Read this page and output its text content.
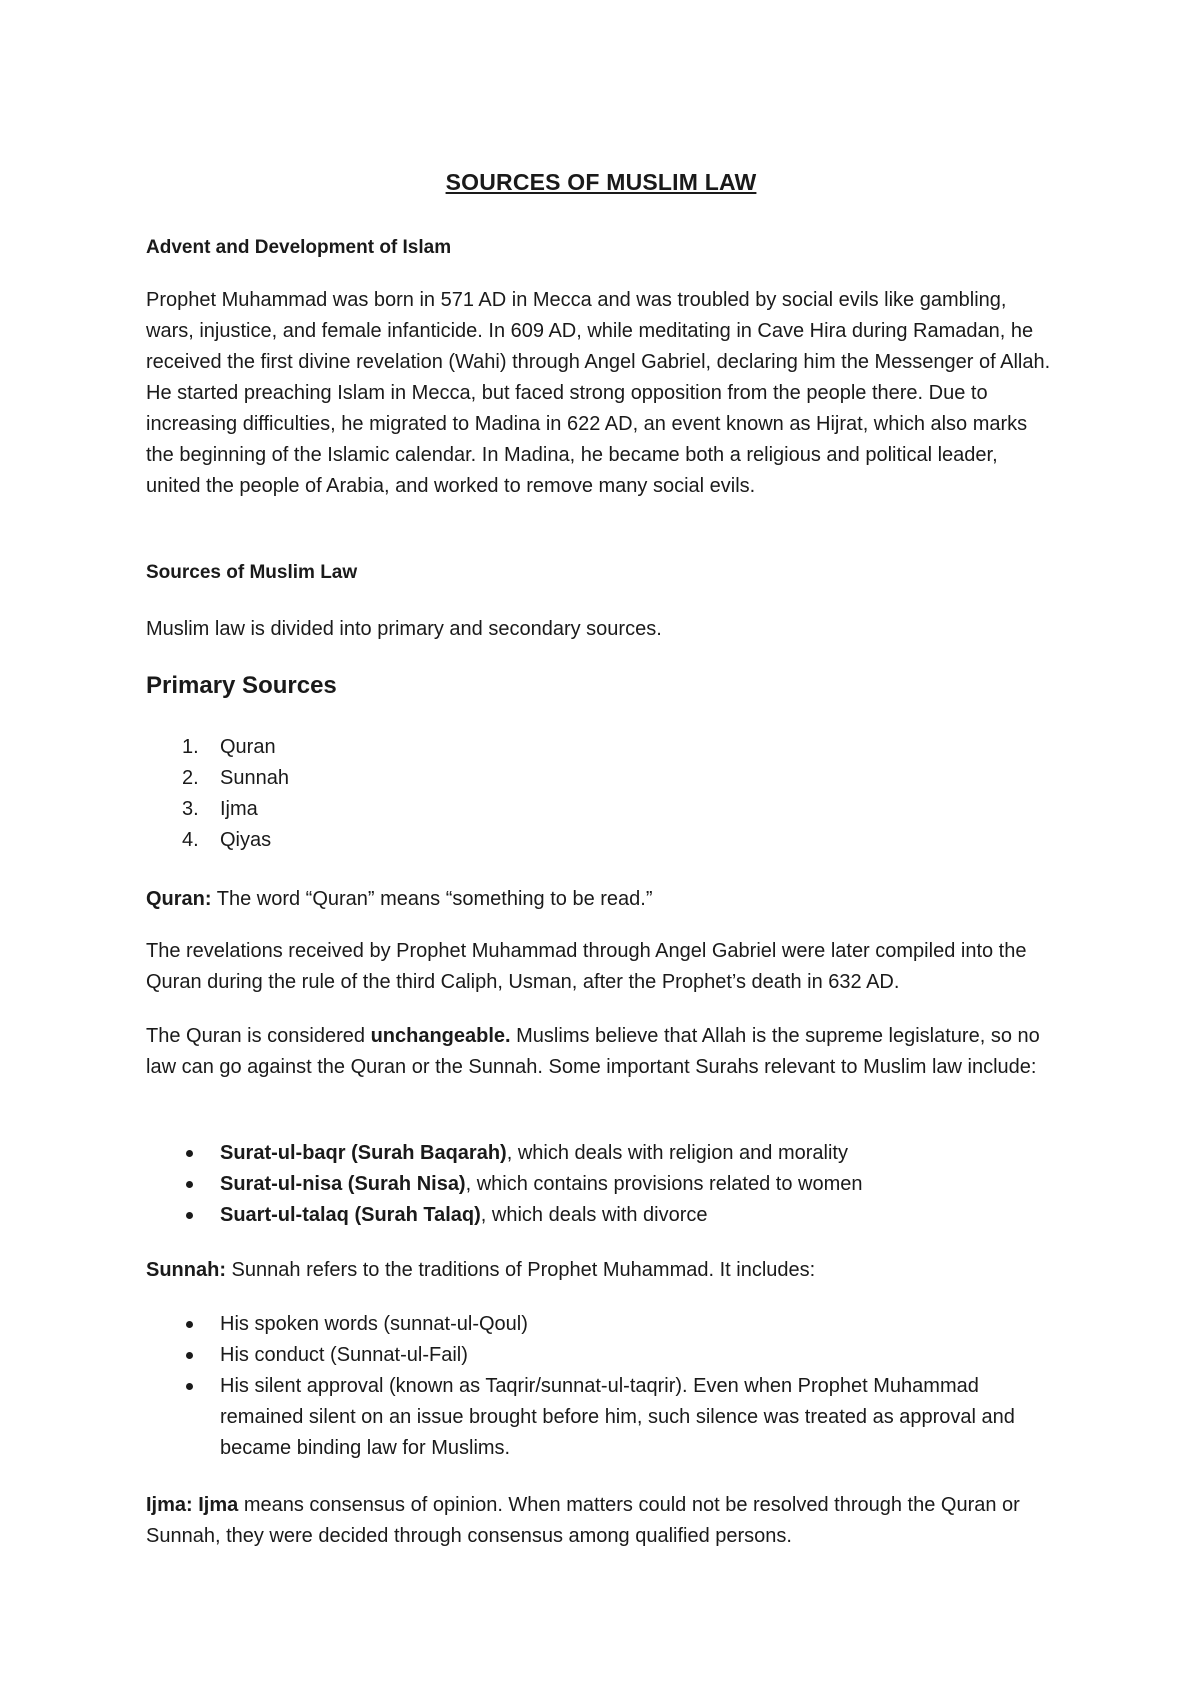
SOURCES OF MUSLIM LAW
Advent and Development of Islam

Prophet Muhammad was born in 571 AD in Mecca and was troubled by social evils like gambling, wars, injustice, and female infanticide. In 609 AD, while meditating in Cave Hira during Ramadan, he received the first divine revelation (Wahi) through Angel Gabriel, declaring him the Messenger of Allah. He started preaching Islam in Mecca, but faced strong opposition from the people there. Due to increasing difficulties, he migrated to Madina in 622 AD, an event known as Hijrat, which also marks the beginning of the Islamic calendar. In Madina, he became both a religious and political leader, united the people of Arabia, and worked to remove many social evils.

Sources of Muslim Law

Muslim law is divided into primary and secondary sources.

Primary Sources
1. Quran
2. Sunnah
3. Ijma
4. Qiyas

Quran: The word “Quran” means “something to be read.”

The revelations received by Prophet Muhammad through Angel Gabriel were later compiled into the Quran during the rule of the third Caliph, Usman, after the Prophet’s death in 632 AD.

The Quran is considered unchangeable. Muslims believe that Allah is the supreme legislature, so no law can go against the Quran or the Sunnah. Some important Surahs relevant to Muslim law include:

Surat-ul-baqr (Surah Baqarah), which deals with religion and morality
Surat-ul-nisa (Surah Nisa), which contains provisions related to women
Suart-ul-talaq (Surah Talaq), which deals with divorce

Sunnah: Sunnah refers to the traditions of Prophet Muhammad. It includes:

His spoken words (sunnat-ul-Qoul)
His conduct (Sunnat-ul-Fail)
His silent approval (known as Taqrir/sunnat-ul-taqrir). Even when Prophet Muhammad remained silent on an issue brought before him, such silence was treated as approval and became binding law for Muslims.

Ijma: Ijma means consensus of opinion. When matters could not be resolved through the Quran or Sunnah, they were decided through consensus among qualified persons.
